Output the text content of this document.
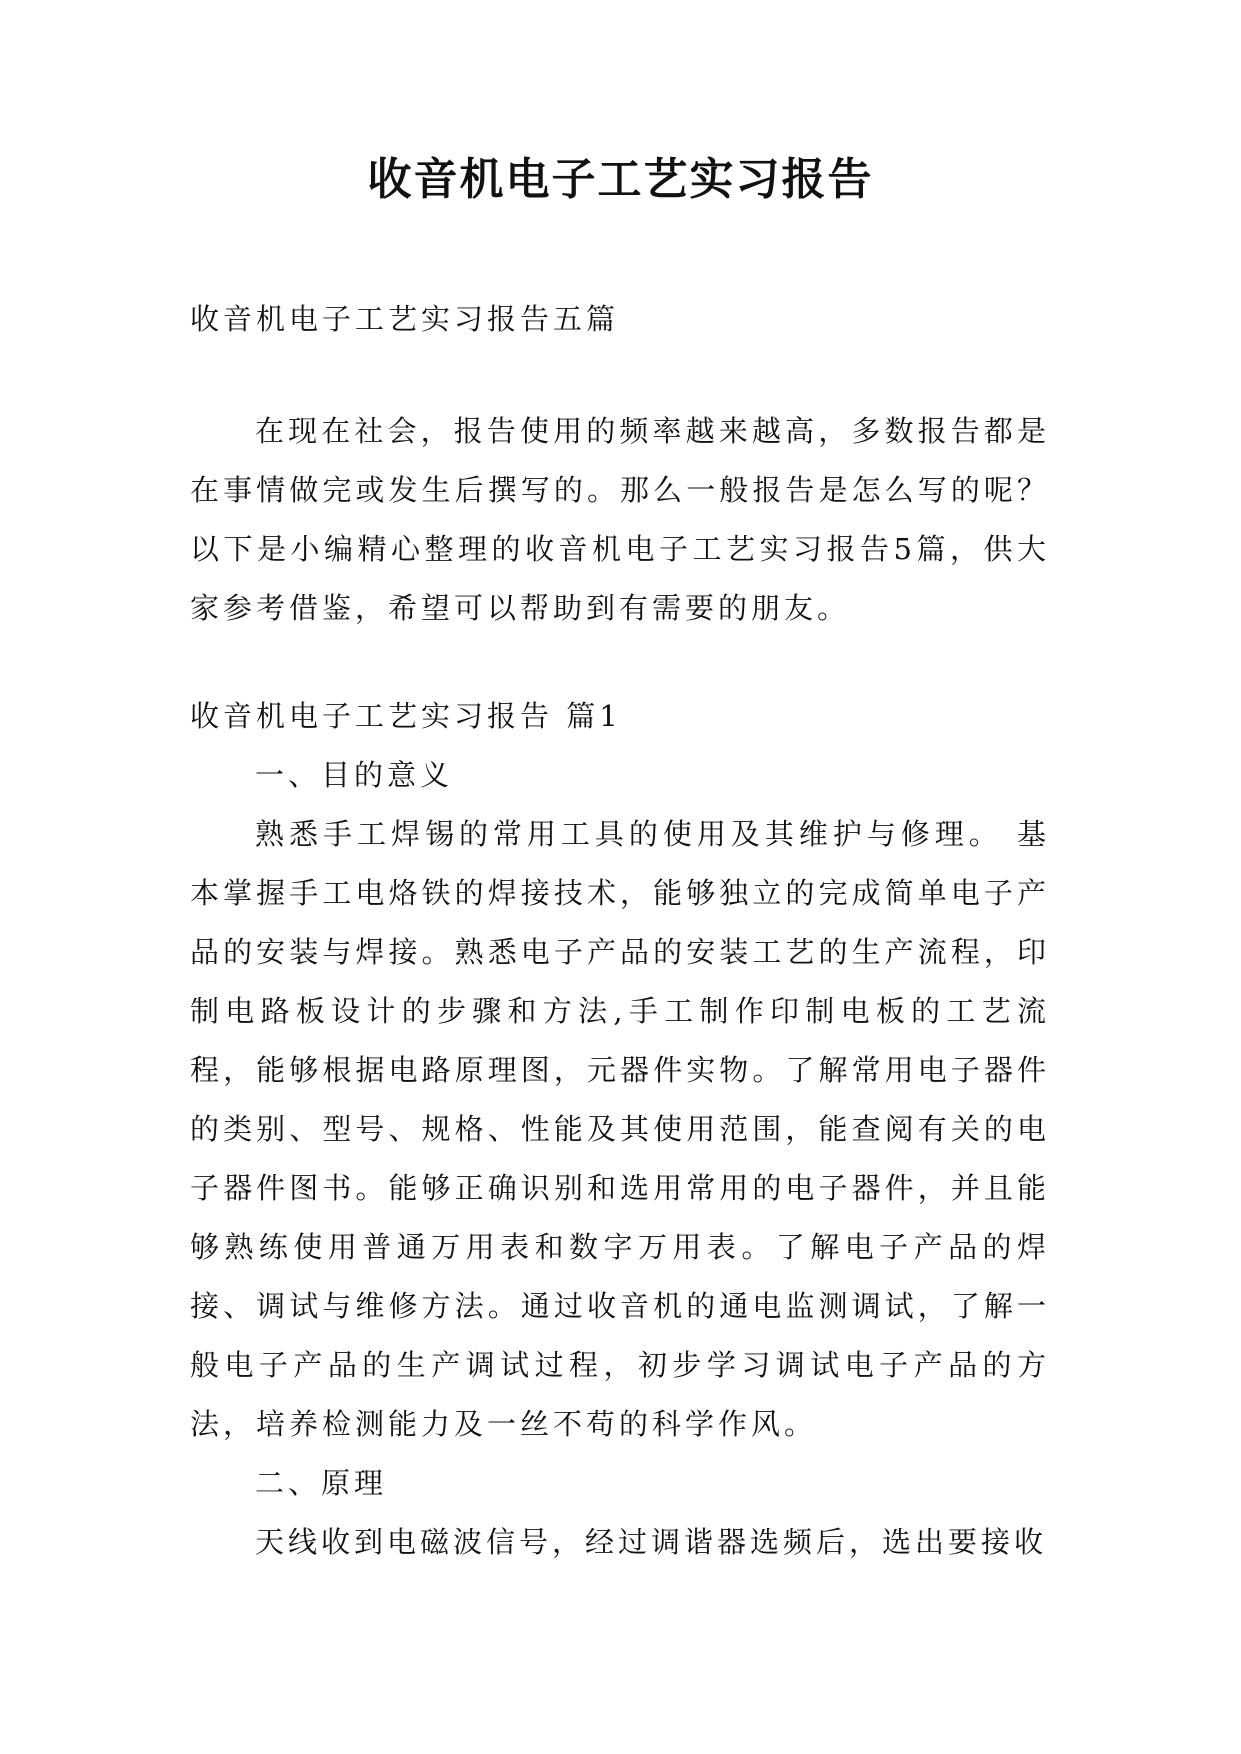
收音机电子工艺实习报告

收音机电子工艺实习报告五篇

在现在社会，报告使用的频率越来越高，多数报告都是在事情做完或发生后撰写的。那么一般报告是怎么写的呢？以下是小编精心整理的收音机电子工艺实习报告5篇，供大家参考借鉴，希望可以帮助到有需要的朋友。

收音机电子工艺实习报告 篇1

一、目的意义

熟悉手工焊锡的常用工具的使用及其维护与修理。 基本掌握手工电烙铁的焊接技术，能够独立的完成简单电子产品的安装与焊接。熟悉电子产品的安装工艺的生产流程，印制电路板设计的步骤和方法,手工制作印制电板的工艺流程，能够根据电路原理图，元器件实物。了解常用电子器件的类别、型号、规格、性能及其使用范围，能查阅有关的电子器件图书。能够正确识别和选用常用的电子器件，并且能够熟练使用普通万用表和数字万用表。了解电子产品的焊接、调试与维修方法。通过收音机的通电监测调试，了解一般电子产品的生产调试过程，初步学习调试电子产品的方法，培养检测能力及一丝不苟的科学作风。

二、原理

天线收到电磁波信号，经过调谐器选频后，选出要接收
